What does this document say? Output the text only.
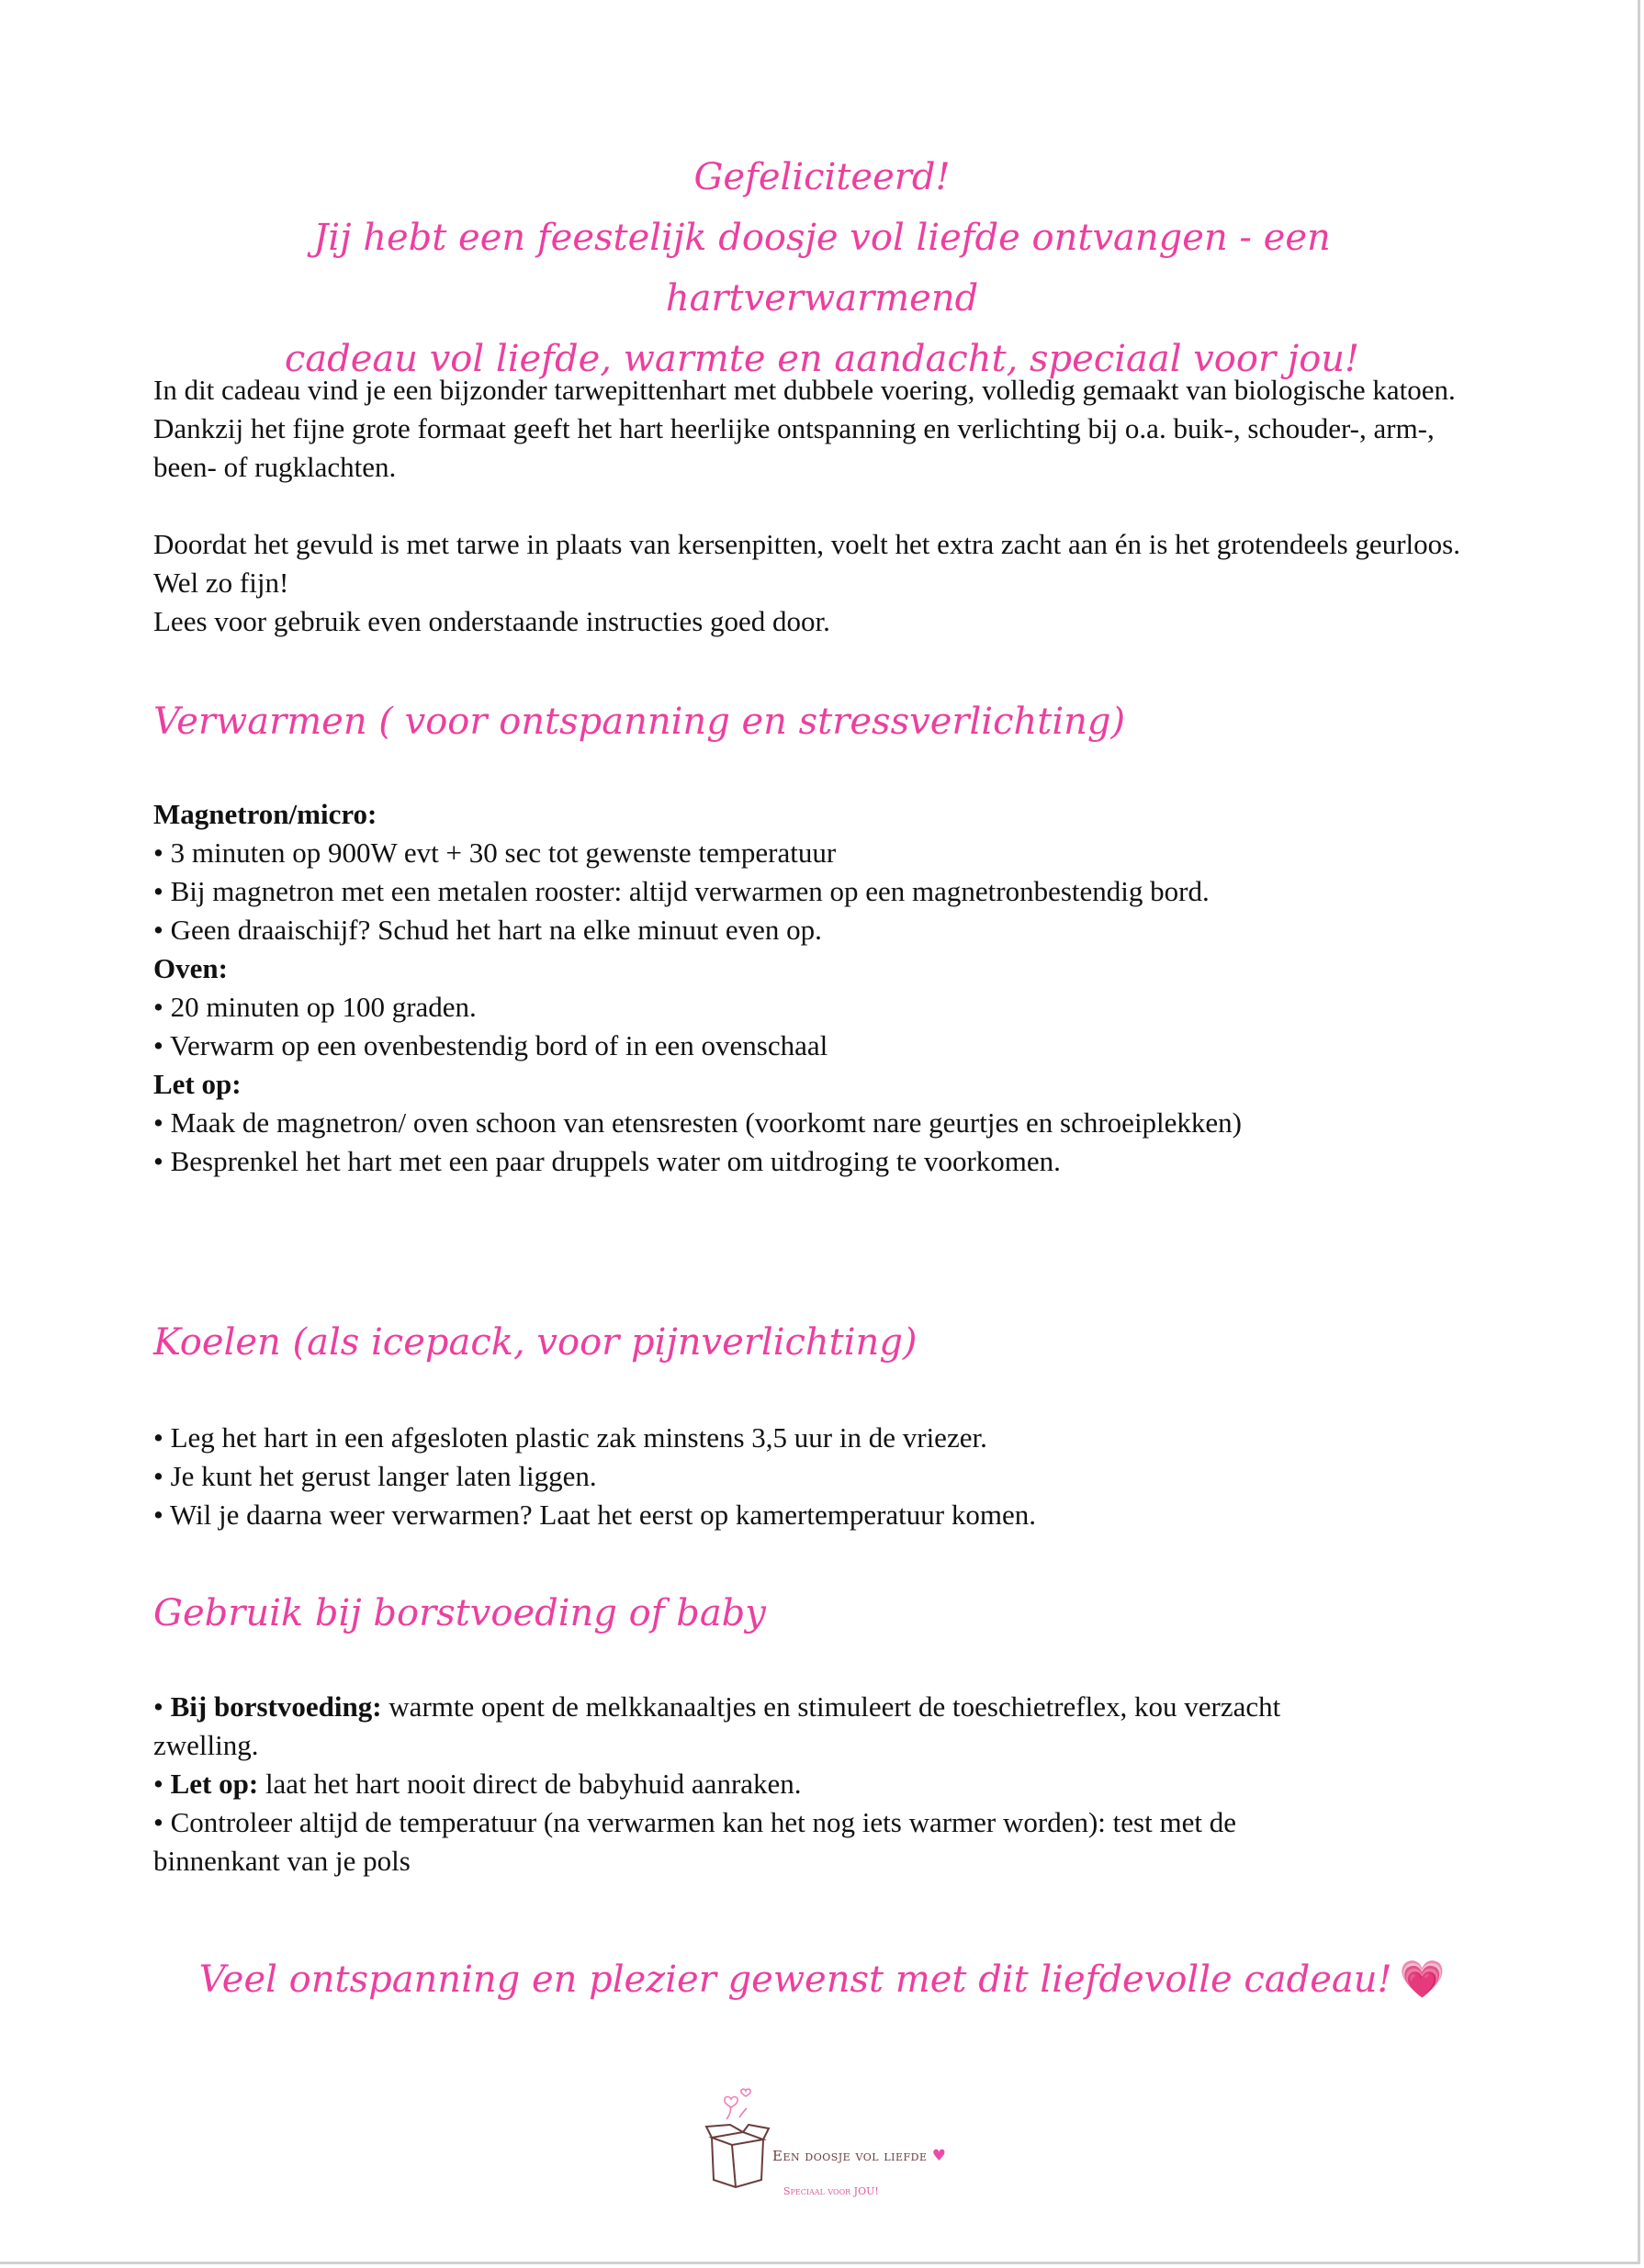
Gefeliciteerd!
Jij hebt een feestelijk doosje vol liefde ontvangen - een hartverwarmend
cadeau vol liefde, warmte en aandacht, speciaal voor jou!

In dit cadeau vind je een bijzonder tarwepittenhart met dubbele voering, volledig gemaakt van biologische katoen. Dankzij het fijne grote formaat geeft het hart heerlijke ontspanning en verlichting bij o.a. buik-, schouder-, arm-, been- of rugklachten.

Doordat het gevuld is met tarwe in plaats van kersenpitten, voelt het extra zacht aan én is het grotendeels geurloos. Wel zo fijn!

Lees voor gebruik even onderstaande instructies goed door.

Verwarmen ( voor ontspanning en stressverlichting)

Magnetron/micro:

• 3 minuten op 900W evt + 30 sec tot gewenste temperatuur

• Bij magnetron met een metalen rooster: altijd verwarmen op een magnetronbestendig bord.

• Geen draaischijf? Schud het hart na elke minuut even op.

Oven:

• 20 minuten op 100 graden.

• Verwarm op een ovenbestendig bord of in een ovenschaal

Let op:

• Maak de magnetron/ oven schoon van etensresten (voorkomt nare geurtjes en schroeiplekken)

• Besprenkel het hart met een paar druppels water om uitdroging te voorkomen.

Koelen (als icepack, voor pijnverlichting)

• Leg het hart in een afgesloten plastic zak minstens 3,5 uur in de vriezer.

• Je kunt het gerust langer laten liggen.

• Wil je daarna weer verwarmen? Laat het eerst op kamertemperatuur komen.

Gebruik bij borstvoeding of baby

• Bij borstvoeding: warmte opent de melkkanaaltjes en stimuleert de toeschietreflex, kou verzacht zwelling.

• Let op: laat het hart nooit direct de babyhuid aanraken.

• Controleer altijd de temperatuur (na verwarmen kan het nog iets warmer worden): test met de binnenkant van je pols

Veel ontspanning en plezier gewenst met dit liefdevolle cadeau! 💗
Een doosje vol liefde ♥
Speciaal voor JOU!
